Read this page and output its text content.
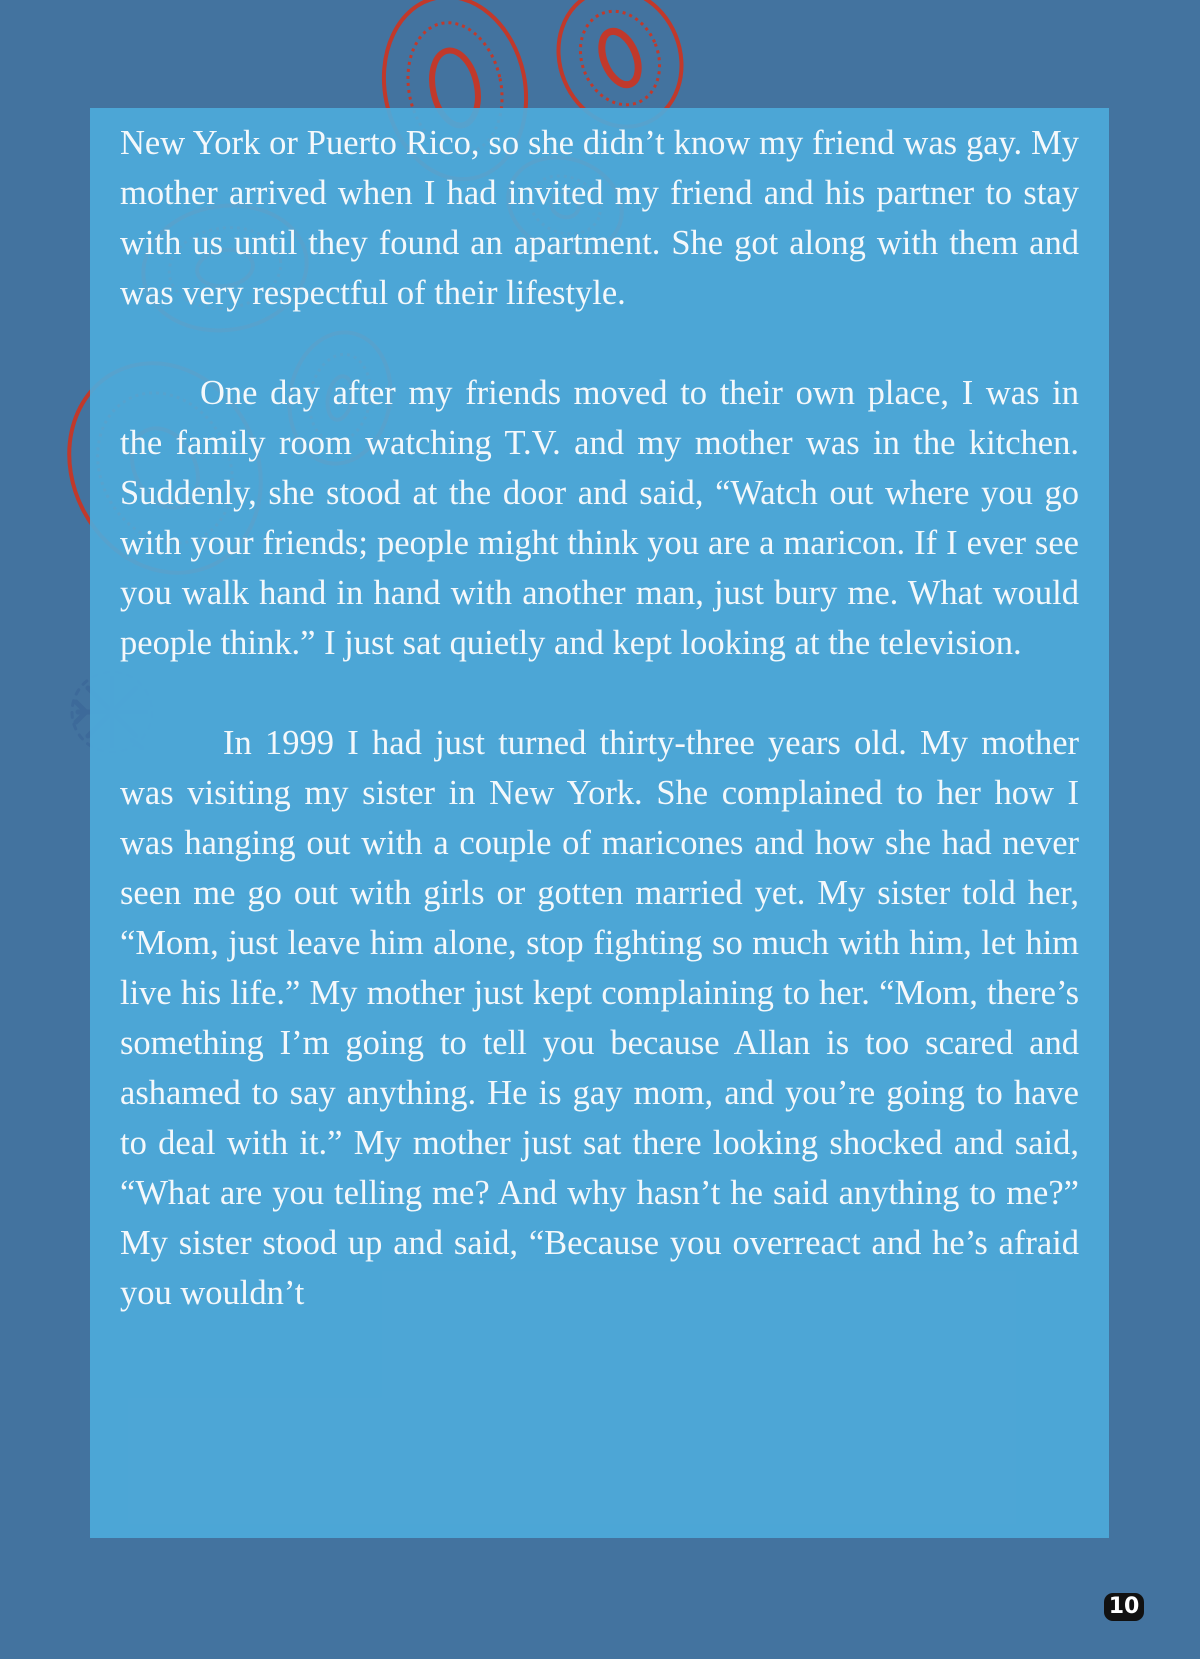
New York or Puerto Rico, so she didn’t know my friend was gay. My mother arrived when I had invited my friend and his partner to stay with us until they found an apartment. She got along with them and was very respectful of their lifestyle.

One day after my friends moved to their own place, I was in the family room watching T.V. and my mother was in the kitchen. Suddenly, she stood at the door and said, “Watch out where you go with your friends; people might think you are a maricon. If I ever see you walk hand in hand with another man, just bury me. What would people think.” I just sat quietly and kept looking at the television.

In 1999 I had just turned thirty-three years old. My mother was visiting my sister in New York. She complained to her how I was hanging out with a couple of maricones and how she had never seen me go out with girls or gotten married yet. My sister told her, “Mom, just leave him alone, stop fighting so much with him, let him live his life.” My mother just kept complaining to her. “Mom, there’s something I’m going to tell you because Allan is too scared and ashamed to say anything. He is gay mom, and you’re going to have to deal with it.” My mother just sat there looking shocked and said, “What are you telling me? And why hasn’t he said anything to me?” My sister stood up and said, “Because you overreact and he’s afraid you wouldn’t

10
